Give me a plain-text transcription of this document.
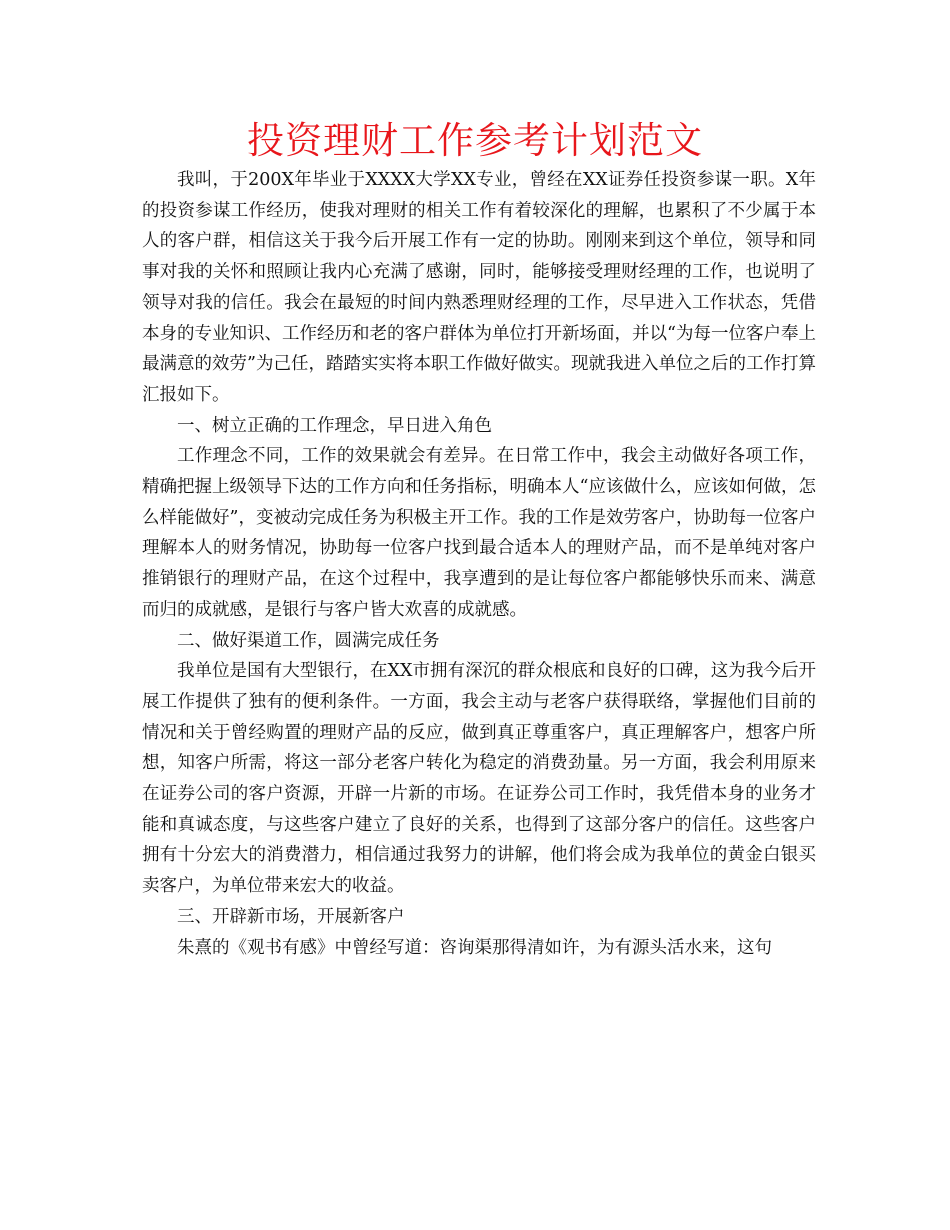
投资理财工作参考计划范文

我叫，于200X年毕业于XXXX大学XX专业，曾经在XX证券任投资参谋一职。X年的投资参谋工作经历，使我对理财的相关工作有着较深化的理解，也累积了不少属于本人的客户群，相信这关于我今后开展工作有一定的协助。刚刚来到这个单位，领导和同事对我的关怀和照顾让我内心充满了感谢，同时，能够接受理财经理的工作，也说明了领导对我的信任。我会在最短的时间内熟悉理财经理的工作，尽早进入工作状态，凭借本身的专业知识、工作经历和老的客户群体为单位打开新场面，并以“为每一位客户奉上最满意的效劳”为己任，踏踏实实将本职工作做好做实。现就我进入单位之后的工作打算汇报如下。

一、树立正确的工作理念，早日进入角色

工作理念不同，工作的效果就会有差异。在日常工作中，我会主动做好各项工作，精确把握上级领导下达的工作方向和任务指标，明确本人“应该做什么，应该如何做，怎么样能做好”，变被动完成任务为积极主开工作。我的工作是效劳客户，协助每一位客户理解本人的财务情况，协助每一位客户找到最合适本人的理财产品，而不是单纯对客户推销银行的理财产品，在这个过程中，我享遭到的是让每位客户都能够快乐而来、满意而归的成就感，是银行与客户皆大欢喜的成就感。

二、做好渠道工作，圆满完成任务

我单位是国有大型银行，在XX市拥有深沉的群众根底和良好的口碑，这为我今后开展工作提供了独有的便利条件。一方面，我会主动与老客户获得联络，掌握他们目前的情况和关于曾经购置的理财产品的反应，做到真正尊重客户，真正理解客户，想客户所想，知客户所需，将这一部分老客户转化为稳定的消费劲量。另一方面，我会利用原来在证券公司的客户资源，开辟一片新的市场。在证券公司工作时，我凭借本身的业务才能和真诚态度，与这些客户建立了良好的关系，也得到了这部分客户的信任。这些客户拥有十分宏大的消费潜力，相信通过我努力的讲解，他们将会成为我单位的黄金白银买卖客户，为单位带来宏大的收益。

三、开辟新市场，开展新客户

朱熹的《观书有感》中曾经写道：咨询渠那得清如许，为有源头活水来，这句
